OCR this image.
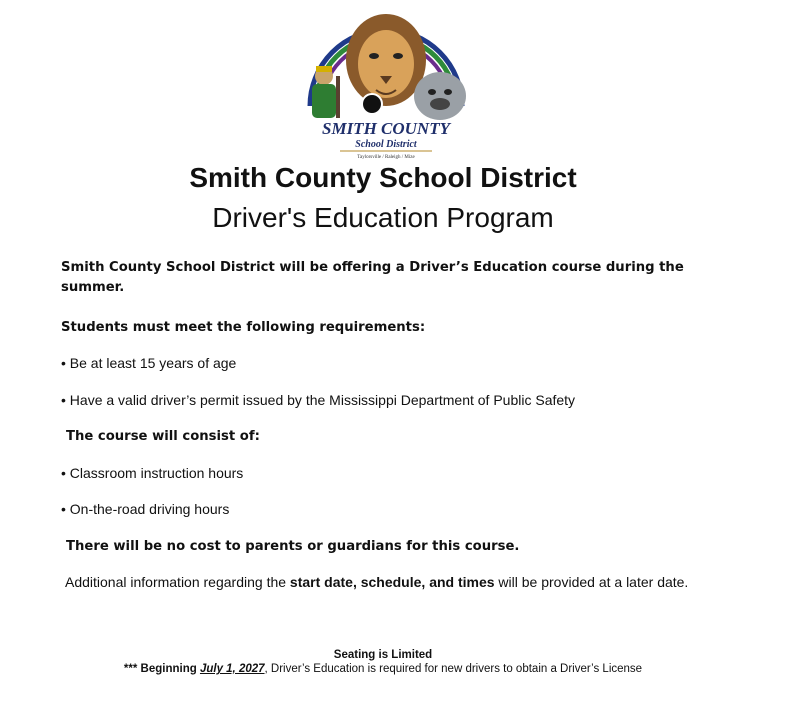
SMITH COUNTY
School District
Taylorsville / Raleigh / Mize
Smith County School District
Driver's Education Program
Smith County School District will be offering a Driver’s Education course during the summer.
Students must meet the following requirements:
• Be at least 15 years of age
• Have a valid driver’s permit issued by the Mississippi Department of Public Safety
The course will consist of:
• Classroom instruction hours
• On-the-road driving hours
There will be no cost to parents or guardians for this course.
Additional information regarding the start date, schedule, and times will be provided at a later date.
Seating is Limited
*** Beginning July 1, 2027, Driver’s Education is required for new drivers to obtain a Driver’s License
